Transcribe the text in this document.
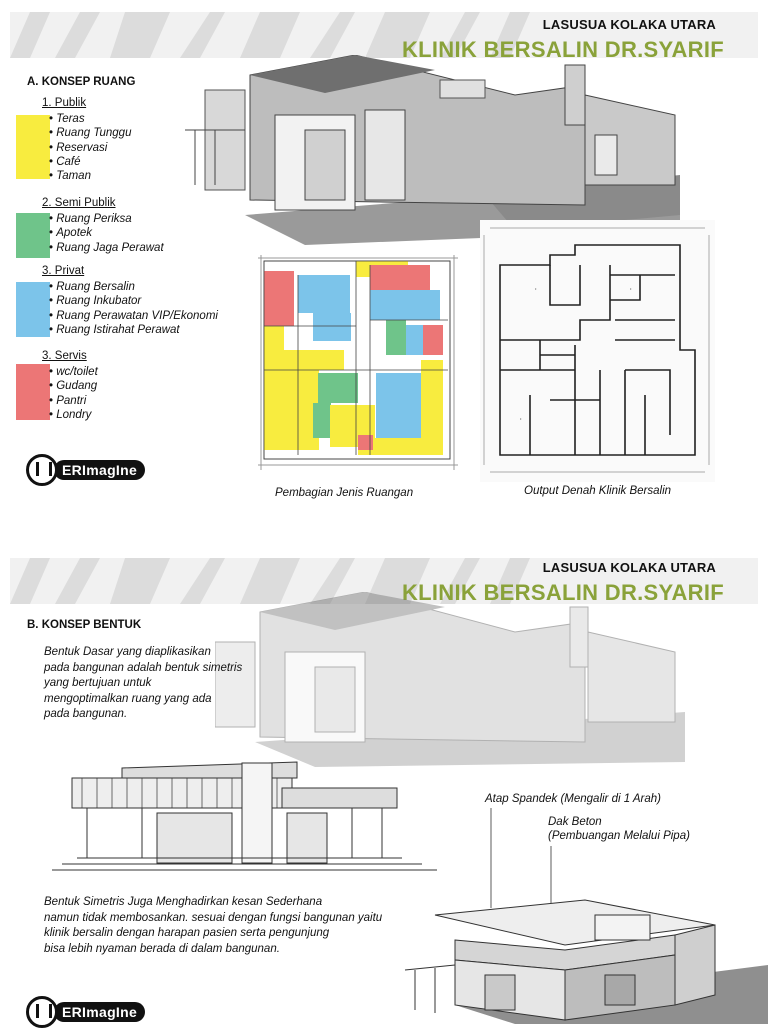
LASUSUA KOLAKA UTARA
KLINIK BERSALIN DR.SYARIF
A. KONSEP RUANG
1. Publik
• Teras
• Ruang Tunggu
• Reservasi
• Café
• Taman
2. Semi Publik
• Ruang Periksa
• Apotek
• Ruang Jaga Perawat
3. Privat
• Ruang Bersalin
• Ruang Inkubator
• Ruang Perawatan VIP/Ekonomi
• Ruang Istirahat Perawat
3. Servis
• wc/toilet
• Gudang
• Pantri
• Londry
ERImagIne
•	•
•
Pembagian Jenis Ruangan	Output Denah Klinik Bersalin
LASUSUA KOLAKA UTARA
KLINIK BERSALIN DR.SYARIF
B. KONSEP BENTUK
Bentuk Dasar yang diaplikasikan
pada bangunan adalah bentuk simetris
yang bertujuan untuk
mengoptimalkan ruang yang ada
pada bangunan.
Atap Spandek (Mengalir di 1 Arah)
Dak Beton
(Pembuangan Melalui Pipa)
Bentuk Simetris Juga Menghadirkan kesan Sederhana
namun tidak membosankan. sesuai dengan fungsi bangunan yaitu
klinik bersalin dengan harapan pasien serta pengunjung
bisa lebih nyaman berada di dalam bangunan.
ERImagIne
